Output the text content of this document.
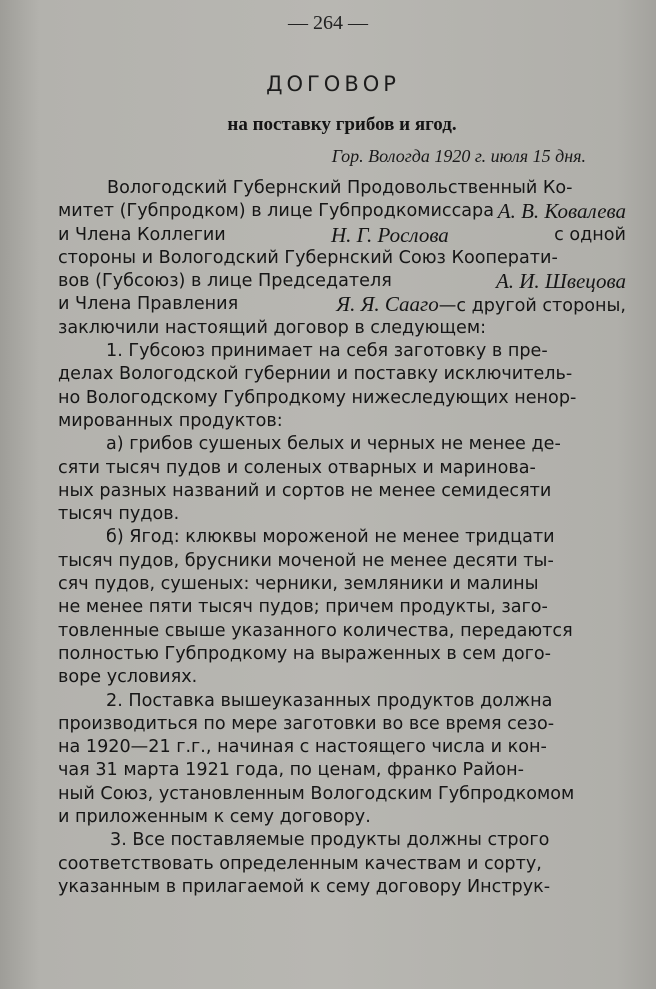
— 264 —
ДОГОВОР
на поставку грибов и ягод.
Гор. Вологда 1920 г. июля 15 дня.
Вологодский Губернский Продовольственный Ко-
митет (Губпродком) в лице Губпродкомиссара А. В. Ковалева
и Члена Коллегии	Н. Г. Рослова	с одной
стороны и Вологодский Губернский Союз Кооперати-
вов (Губсоюз) в лице Председателя	А. И. Швецова
и Члена Правления	Я. Я. Сааго—с другой стороны,
заключили настоящий договор в следующем:
1. Губсоюз принимает на себя заготовку в пре-
делах Вологодской губернии и поставку исключитель-
но Вологодскому Губпродкому нижеследующих ненор-
мированных продуктов:
а) грибов сушеных белых и черных не менее де-
сяти тысяч пудов и соленых отварных и маринова-
ных разных названий и сортов не менее семидесяти
тысяч пудов.
б) Ягод: клюквы мороженой не менее тридцати
тысяч пудов, брусники моченой не менее десяти ты-
сяч пудов, сушеных: черники, земляники и малины
не менее пяти тысяч пудов; причем продукты, заго-
товленные свыше указанного количества, передаются
полностью Губпродкому на выраженных в сем дого-
воре условиях.
2. Поставка вышеуказанных продуктов должна
производиться по мере заготовки во все время сезо-
на 1920—21 г.г., начиная с настоящего числа и кон-
чая 31 марта 1921 года, по ценам, франко Район-
ный Союз, установленным Вологодским Губпродкомом
и приложенным к сему договору.
3. Все поставляемые продукты должны строго
соответствовать определенным качествам и сорту,
указанным в прилагаемой к сему договору Инструк-
